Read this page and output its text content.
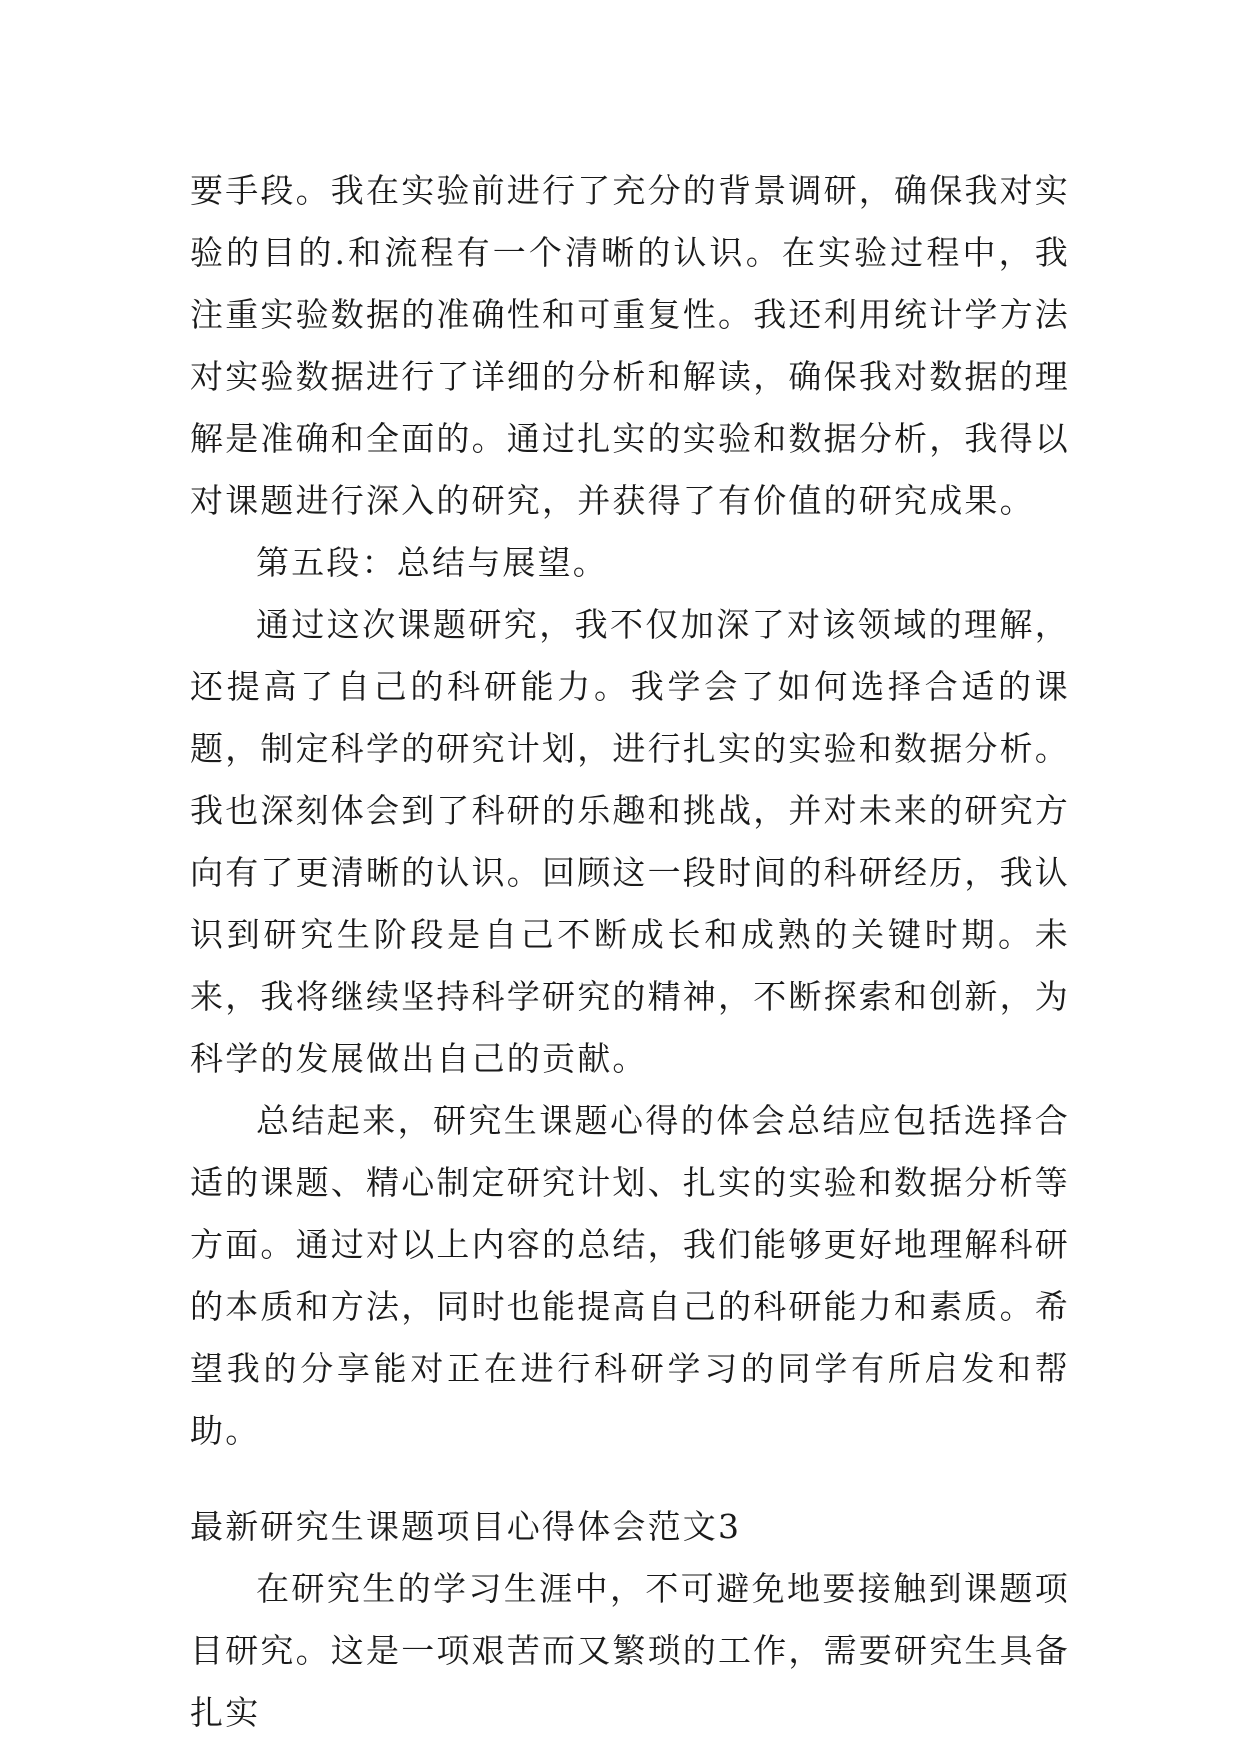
要手段。我在实验前进行了充分的背景调研，确保我对实验的目的.和流程有一个清晰的认识。在实验过程中，我注重实验数据的准确性和可重复性。我还利用统计学方法对实验数据进行了详细的分析和解读，确保我对数据的理解是准确和全面的。通过扎实的实验和数据分析，我得以对课题进行深入的研究，并获得了有价值的研究成果。

第五段：总结与展望。

通过这次课题研究，我不仅加深了对该领域的理解，还提高了自己的科研能力。我学会了如何选择合适的课题，制定科学的研究计划，进行扎实的实验和数据分析。我也深刻体会到了科研的乐趣和挑战，并对未来的研究方向有了更清晰的认识。回顾这一段时间的科研经历，我认识到研究生阶段是自己不断成长和成熟的关键时期。未来，我将继续坚持科学研究的精神，不断探索和创新，为科学的发展做出自己的贡献。

总结起来，研究生课题心得的体会总结应包括选择合适的课题、精心制定研究计划、扎实的实验和数据分析等方面。通过对以上内容的总结，我们能够更好地理解科研的本质和方法，同时也能提高自己的科研能力和素质。希望我的分享能对正在进行科研学习的同学有所启发和帮助。

最新研究生课题项目心得体会范文3

在研究生的学习生涯中，不可避免地要接触到课题项目研究。这是一项艰苦而又繁琐的工作，需要研究生具备扎实
